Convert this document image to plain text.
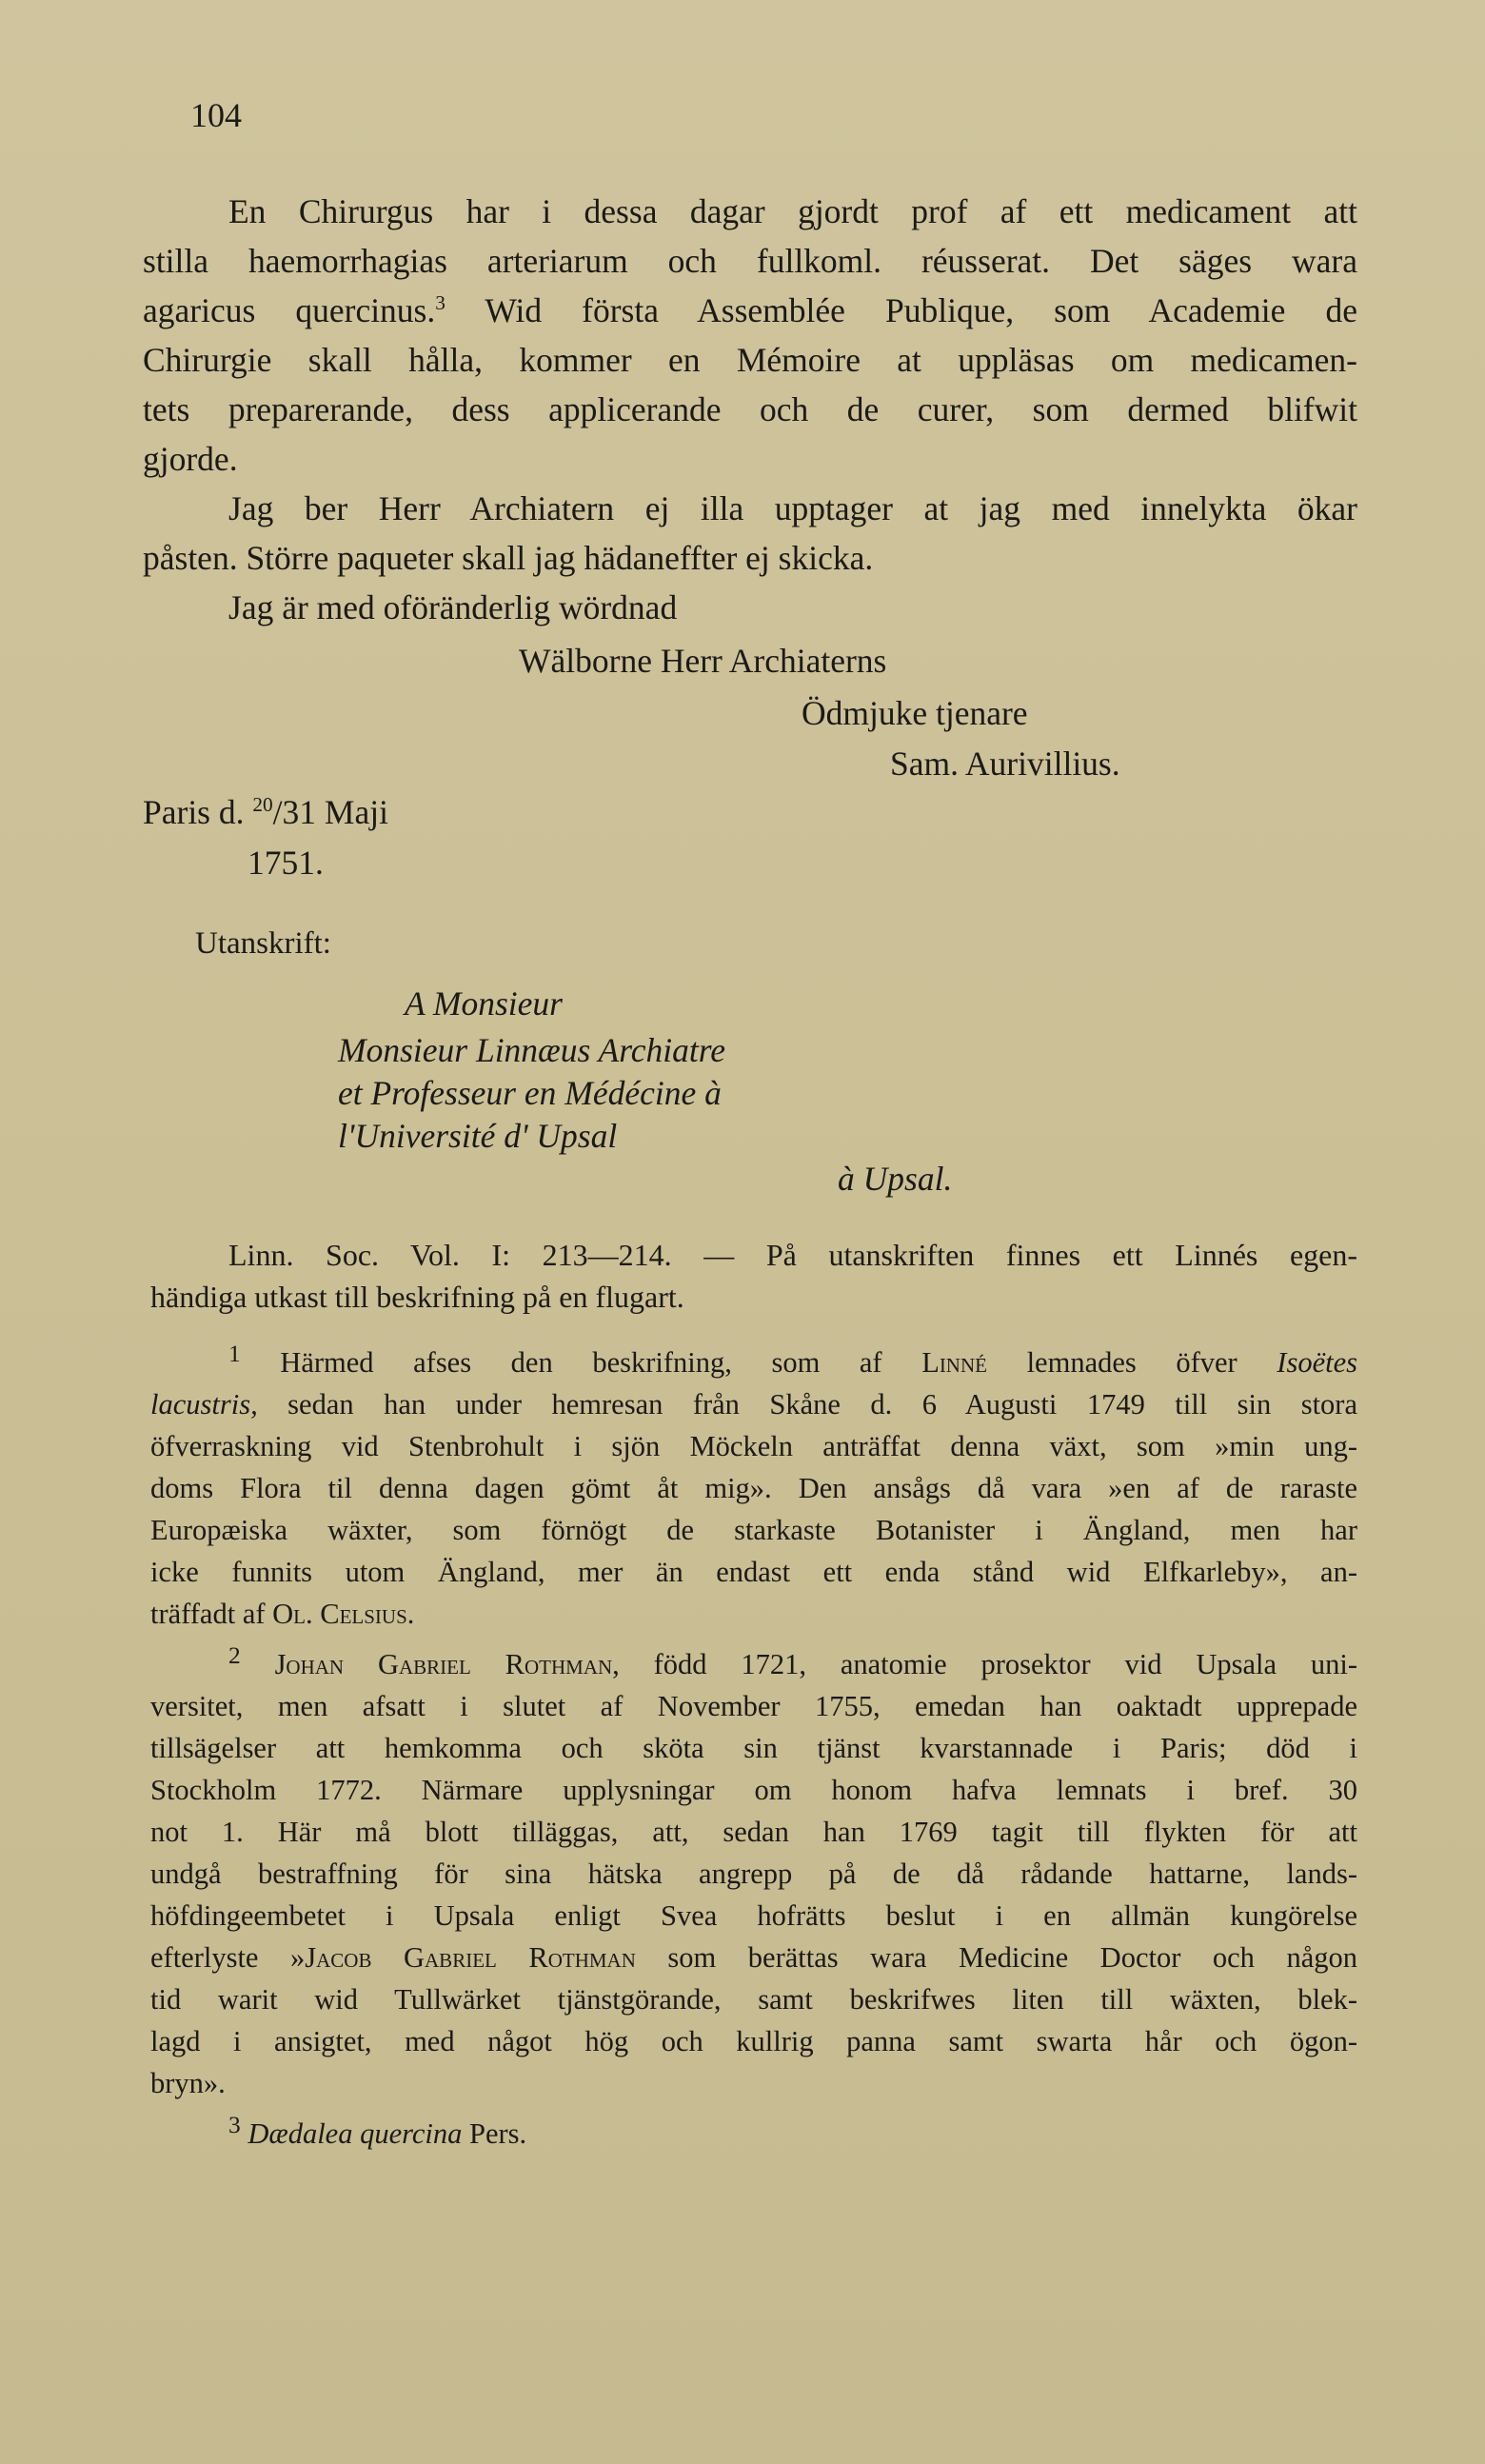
104

En Chirurgus har i dessa dagar gjordt prof af ett medicament att

stilla haemorrhagias arteriarum och fullkoml. réusserat. Det säges wara

agaricus quercinus.$^3$ Wid första Assemblée Publique, som Academie de

Chirurgie skall hålla, kommer en Mémoire at uppläsas om medicamen-

tets preparerande, dess applicerande och de curer, som dermed blifwit

gjorde.

Jag ber Herr Archiatern ej illa upptager at jag med innelykta ökar

påsten. Större paqueter skall jag hädaneffter ej skicka.

Jag är med oföränderlig wördnad

Wälborne Herr Archiaterns
Ödmjuke tjenare
Sam. Aurivillius.
Paris d. $^{20}$/31 Maji
1751.
Utanskrift:
A Monsieur
Monsieur Linnæus Archiatre
et Professeur en Médécine à
l'Université d' Upsal
à Upsal.

Linn. Soc. Vol. I: 213—214. — På utanskriften finnes ett Linnés egen-

händiga utkast till beskrifning på en flugart.

$^1$ Härmed afses den beskrifning, som af Linné lemnades öfver Isoëtes
lacustris, sedan han under hemresan från Skåne d. 6 Augusti 1749 till sin stora
öfverraskning vid Stenbrohult i sjön Möckeln anträffat denna växt, som »min ung-
doms Flora til denna dagen gömt åt mig». Den ansågs då vara »en af de raraste
Europæiska wäxter, som förnögt de starkaste Botanister i Ängland, men har
icke funnits utom Ängland, mer än endast ett enda stånd wid Elfkarleby», an-
träffadt af Ol. Celsius.

$^2$ Johan Gabriel Rothman, född 1721, anatomie prosektor vid Upsala uni-
versitet, men afsatt i slutet af November 1755, emedan han oaktadt upprepade
tillsägelser att hemkomma och sköta sin tjänst kvarstannade i Paris; död i
Stockholm 1772. Närmare upplysningar om honom hafva lemnats i bref. 30
not 1. Här må blott tilläggas, att, sedan han 1769 tagit till flykten för att
undgå bestraffning för sina hätska angrepp på de då rådande hattarne, lands-
höfdingeembetet i Upsala enligt Svea hofrätts beslut i en allmän kungörelse
efterlyste »Jacob Gabriel Rothman som berättas wara Medicine Doctor och någon
tid warit wid Tullwärket tjänstgörande, samt beskrifwes liten till wäxten, blek-
lagd i ansigtet, med något hög och kullrig panna samt swarta hår och ögon-
bryn».

$^3$ Dædalea quercina Pers.
